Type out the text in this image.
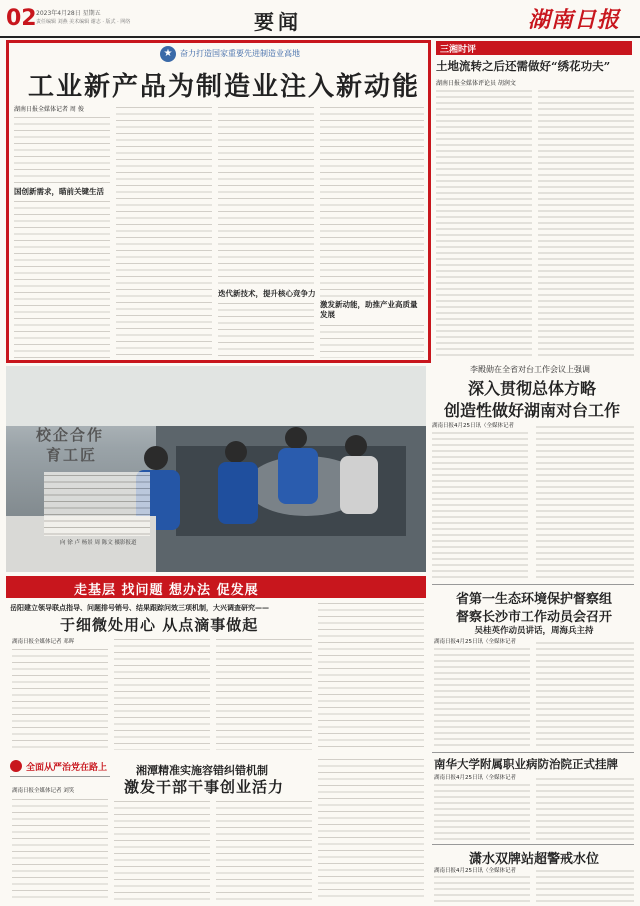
02 2023年4月28日 星期五
责任编辑 刘燕 美术编辑 谢志 · 版式 · 网络	要闻	湖南日报
★ 奋力打造国家重要先进制造业高地
工业新产品为制造业注入新动能
湖南日报全媒体记者 周 俊
国创新需求，瞄前关键生活
迭代新技术，提升核心竞争力
激发新动能，助推产业高质量发展
三湘时评
土地流转之后还需做好“绣花功夫”
湖南日报全媒体评论员 胡润文
校企合作
育工匠
向 徐 卢 杨景 周 陈文 摄影报道
李殿勋在全省对台工作会议上强调
深入贯彻总体方略
创造性做好湖南对台工作
湖南日报4月25日讯（全媒体记者
走基层 找问题 想办法 促发展
岳阳建立领导联点指导、问题排号销号、结果跟踪问效三项机制，大兴调查研究——
于细微处用心 从点滴事做起
湖南日报全媒体记者 邓晖
省第一生态环境保护督察组
督察长沙市工作动员会召开
吴桂英作动员讲话，周海兵主持
湖南日报4月25日讯（全媒体记者
全面从严治党在路上	湘潭精准实施容错纠错机制
激发干部干事创业活力
湖南日报全媒体记者 刘笑
南华大学附属职业病防治院正式挂牌
湖南日报4月25日讯（全媒体记者
潇水双牌站超警戒水位
湖南日报4月25日讯（全媒体记者
